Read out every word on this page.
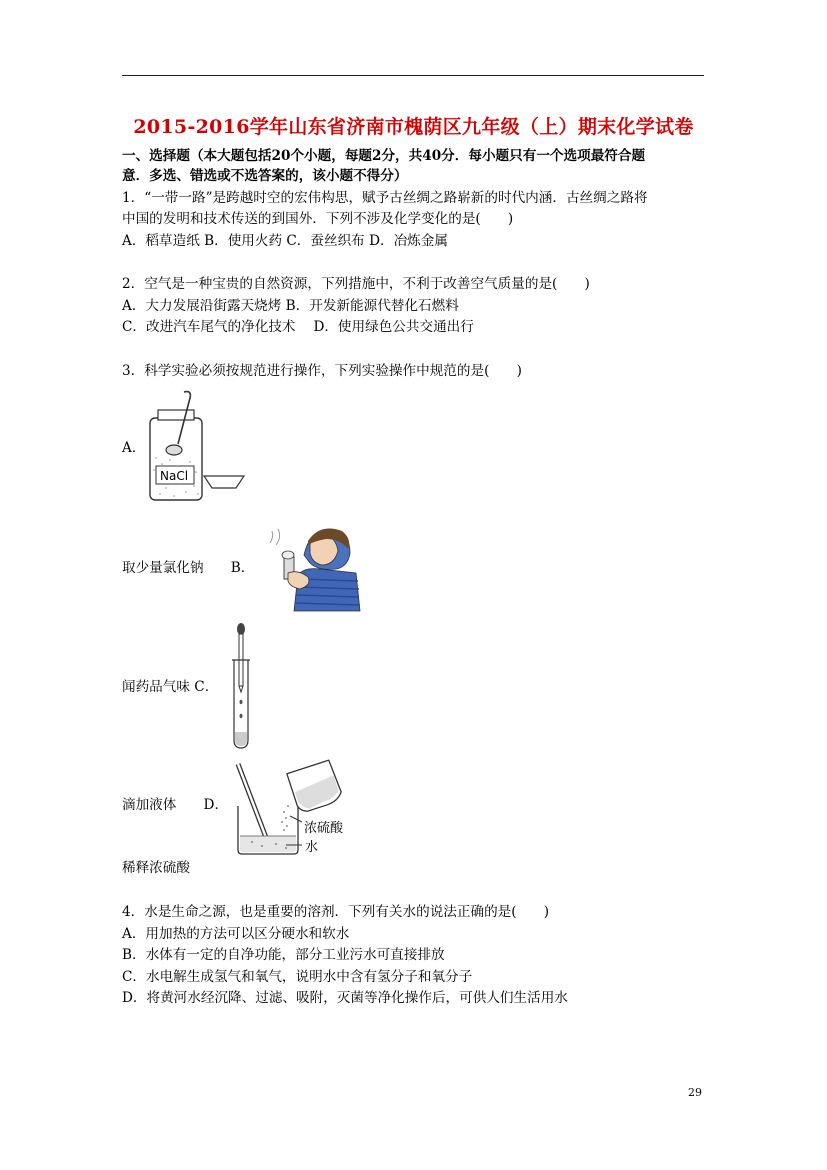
2015-2016学年山东省济南市槐荫区九年级（上）期末化学试卷
一、选择题（本大题包括20个小题，每题2分，共40分．每小题只有一个选项最符合题
意．多选、错选或不选答案的，该小题不得分）
1．“一带一路”是跨越时空的宏伟构思，赋予古丝绸之路崭新的时代内涵．古丝绸之路将
中国的发明和技术传送的到国外．下列不涉及化学变化的是(　　)
A．稻草造纸 B．使用火药 C．蚕丝织布 D．冶炼金属
2．空气是一种宝贵的自然资源，下列措施中，不利于改善空气质量的是(　　)
A．大力发展沿街露天烧烤 B．开发新能源代替化石燃料
C．改进汽车尾气的净化技术　 D．使用绿色公共交通出行
3．科学实验必须按规范进行操作，下列实验操作中规范的是(　　)
A．
NaCl
取少量氯化钠　　B．
闻药品气味 C．
滴加液体　　D．
浓硫酸
水
稀释浓硫酸
4．水是生命之源，也是重要的溶剂．下列有关水的说法正确的是(　　)
A．用加热的方法可以区分硬水和软水
B．水体有一定的自净功能，部分工业污水可直接排放
C．水电解生成氢气和氧气，说明水中含有氢分子和氧分子
D．将黄河水经沉降、过滤、吸附，灭菌等净化操作后，可供人们生活用水
29
